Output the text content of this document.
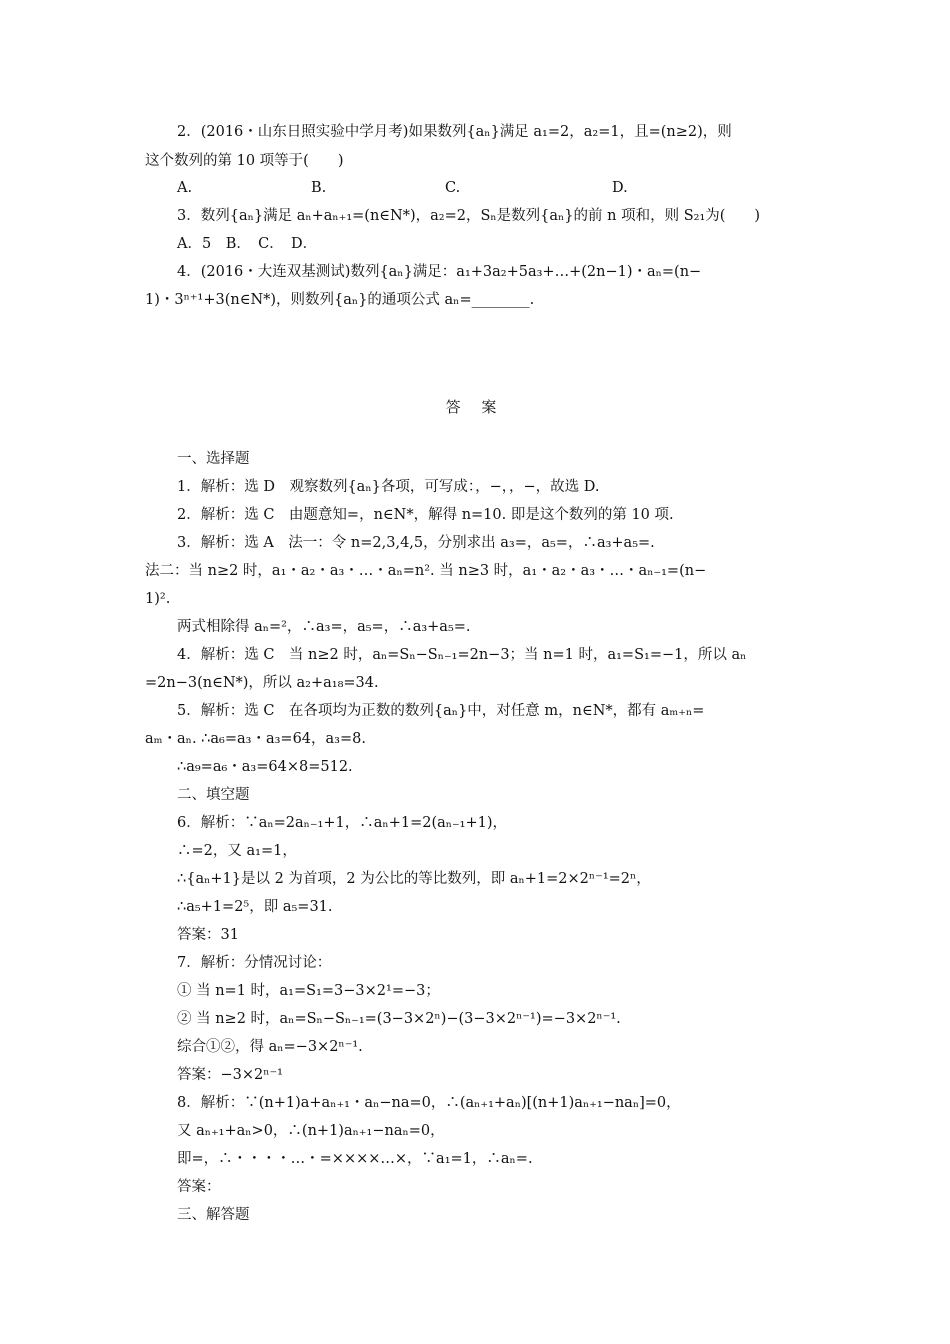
2．(2016・山东日照实验中学月考)如果数列{aₙ}满足 a₁=2，a₂=1，且=(n≥2)，则
这个数列的第 10 项等于(　　)
A.	B.	C.	D.
3．数列{aₙ}满足 aₙ+aₙ₊₁=(n∈N*)，a₂=2，Sₙ是数列{aₙ}的前 n 项和，则 S₂₁为(　　)
A．5　B．　C．　D．
4．(2016・大连双基测试)数列{aₙ}满足：a₁+3a₂+5a₃+…+(2n−1)・aₙ=(n−
1)・3ⁿ⁺¹+3(n∈N*)，则数列{aₙ}的通项公式 aₙ=________.
答 案
一、选择题
1．解析：选 D　观察数列{aₙ}各项，可写成：，−，，−，故选 D.
2．解析：选 C　由题意知=，n∈N*，解得 n=10. 即是这个数列的第 10 项.
3．解析：选 A　法一：令 n=2,3,4,5，分别求出 a₃=，a₅=，∴a₃+a₅=.
法二：当 n≥2 时，a₁・a₂・a₃・…・aₙ=n². 当 n≥3 时，a₁・a₂・a₃・…・aₙ₋₁=(n−
1)².
两式相除得 aₙ=²，∴a₃=，a₅=，∴a₃+a₅=.
4．解析：选 C　当 n≥2 时，aₙ=Sₙ−Sₙ₋₁=2n−3；当 n=1 时，a₁=S₁=−1，所以 aₙ
=2n−3(n∈N*)，所以 a₂+a₁₈=34.
5．解析：选 C　在各项均为正数的数列{aₙ}中，对任意 m，n∈N*，都有 aₘ₊ₙ=
aₘ・aₙ. ∴a₆=a₃・a₃=64，a₃=8.
∴a₉=a₆・a₃=64×8=512.
二、填空题
6．解析：∵aₙ=2aₙ₋₁+1，∴aₙ+1=2(aₙ₋₁+1)，
∴=2，又 a₁=1，
∴{aₙ+1}是以 2 为首项，2 为公比的等比数列，即 aₙ+1=2×2ⁿ⁻¹=2ⁿ，
∴a₅+1=2⁵，即 a₅=31.
答案：31
7．解析：分情况讨论：
① 当 n=1 时，a₁=S₁=3−3×2¹=−3；
② 当 n≥2 时，aₙ=Sₙ−Sₙ₋₁=(3−3×2ⁿ)−(3−3×2ⁿ⁻¹)=−3×2ⁿ⁻¹.
综合①②，得 aₙ=−3×2ⁿ⁻¹.
答案：−3×2ⁿ⁻¹
8．解析：∵(n+1)a+aₙ₊₁・aₙ−na=0，∴(aₙ₊₁+aₙ)[(n+1)aₙ₊₁−naₙ]=0，
又 aₙ₊₁+aₙ>0，∴(n+1)aₙ₊₁−naₙ=0，
即=，∴・・・・…・=××××…×，∵a₁=1，∴aₙ=.
答案：
三、解答题
